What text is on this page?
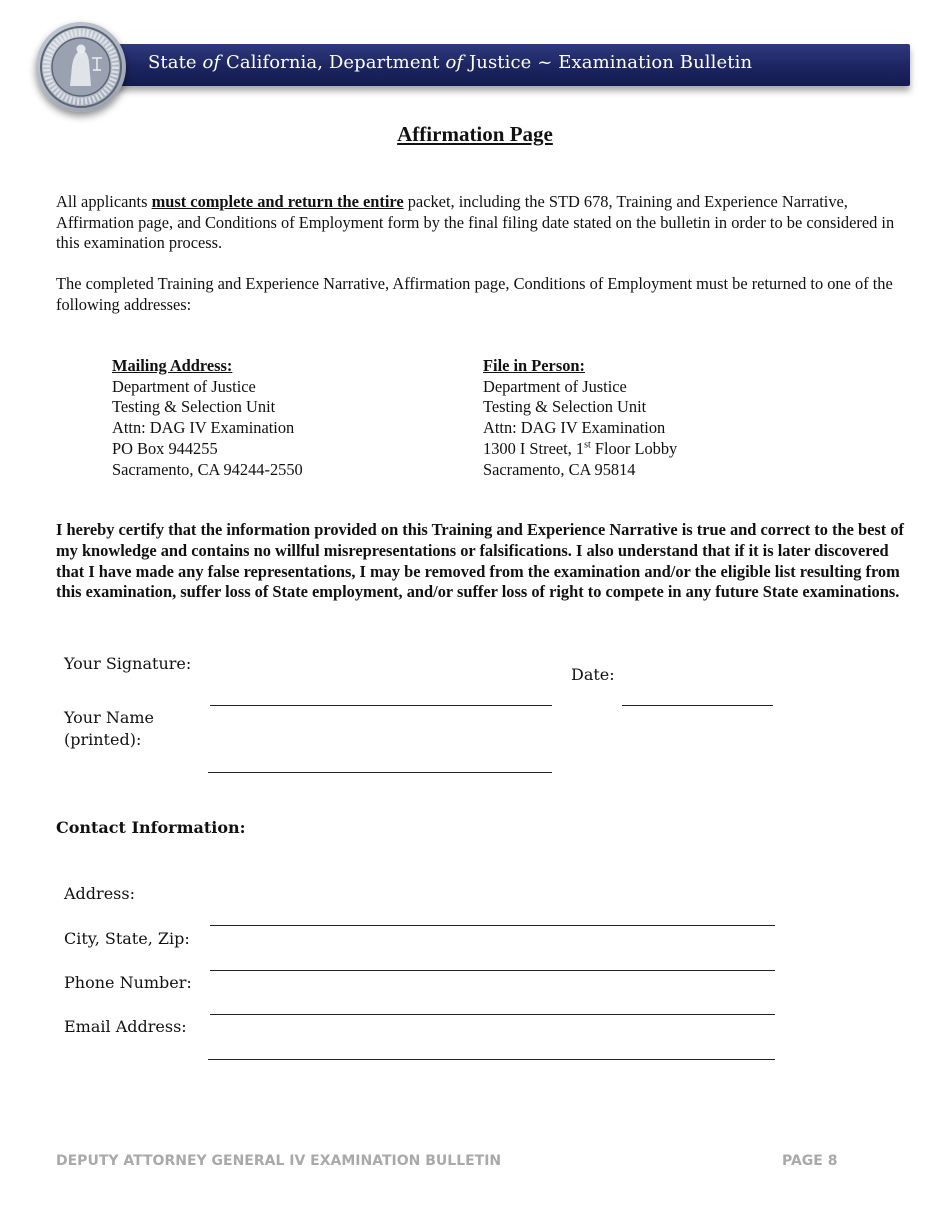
State of California, Department of Justice ~ Examination Bulletin
Affirmation Page
All applicants must complete and return the entire packet, including the STD 678, Training and Experience Narrative, Affirmation page, and Conditions of Employment form by the final filing date stated on the bulletin in order to be considered in this examination process.
The completed Training and Experience Narrative, Affirmation page, Conditions of Employment must be returned to one of the following addresses:
Mailing Address:
Department of Justice
Testing & Selection Unit
Attn: DAG IV Examination
PO Box 944255
Sacramento, CA 94244-2550
File in Person:
Department of Justice
Testing & Selection Unit
Attn: DAG IV Examination
1300 I Street, 1st Floor Lobby
Sacramento, CA 95814
I hereby certify that the information provided on this Training and Experience Narrative is true and correct to the best of my knowledge and contains no willful misrepresentations or falsifications. I also understand that if it is later discovered that I have made any false representations, I may be removed from the examination and/or the eligible list resulting from this examination, suffer loss of State employment, and/or suffer loss of right to compete in any future State examinations.
Your Signature:
Date:
Your Name
(printed):
Contact Information:
Address:
City, State, Zip:
Phone Number:
Email Address:
DEPUTY ATTORNEY GENERAL IV EXAMINATION BULLETIN	PAGE 8
